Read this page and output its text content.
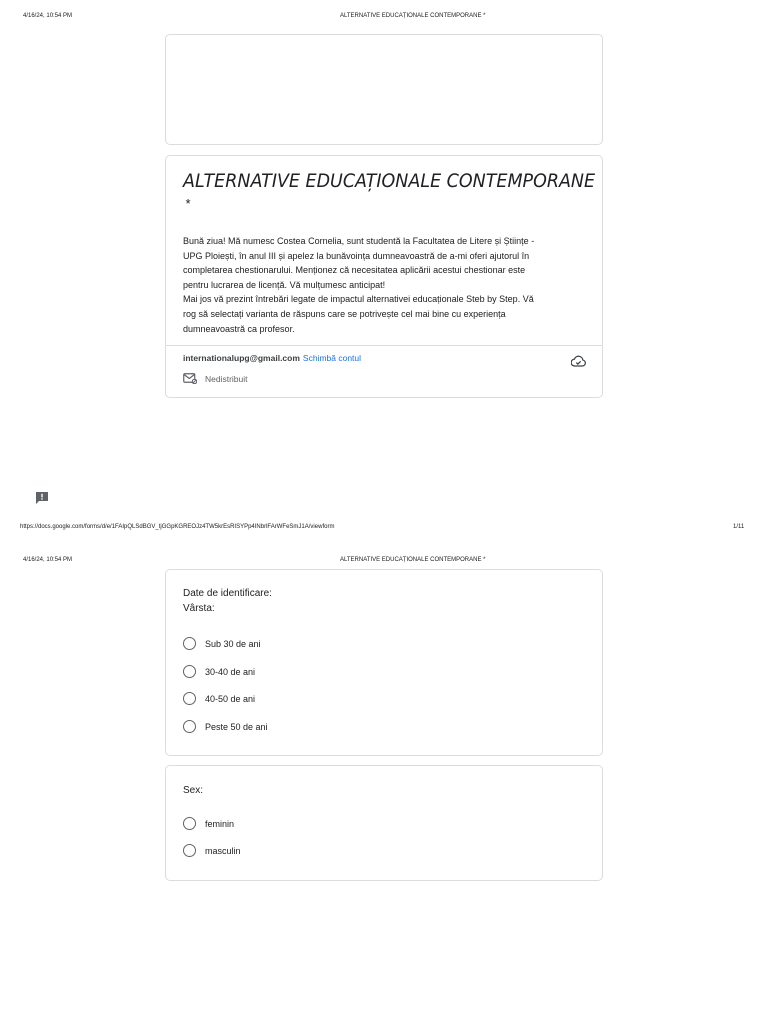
4/16/24, 10:54 PM	ALTERNATIVE EDUCAȚIONALE CONTEMPORANE *
ALTERNATIVE EDUCAȚIONALE CONTEMPORANE
*
Bună ziua! Mă numesc Costea Cornelia, sunt studentă la Facultatea de Litere și Științe -
UPG Ploiești, în anul III și apelez la bunăvoința dumneavoastră de a-mi oferi ajutorul în
completarea chestionarului. Menționez că necesitatea aplicării acestui chestionar este
pentru lucrarea de licență. Vă mulțumesc anticipat!
Mai jos vă prezint întrebări legate de impactul alternativei educaționale Steb by Step. Vă
rog să selectați varianta de răspuns care se potrivește cel mai bine cu experiența
dumneavoastră ca profesor.
internationalupg@gmail.com Schimbă contul
Nedistribuit
https://docs.google.com/forms/d/e/1FAIpQLSdBGV_tjGGpKGREOJz4TW5krEsRISYPp4INbrlFArWFeSmJ1A/viewform	1/11
4/16/24, 10:54 PM	ALTERNATIVE EDUCAȚIONALE CONTEMPORANE *
Date de identificare:
Vârsta:
Sub 30 de ani
30-40 de ani
40-50 de ani
Peste 50 de ani
Sex:
feminin
masculin
